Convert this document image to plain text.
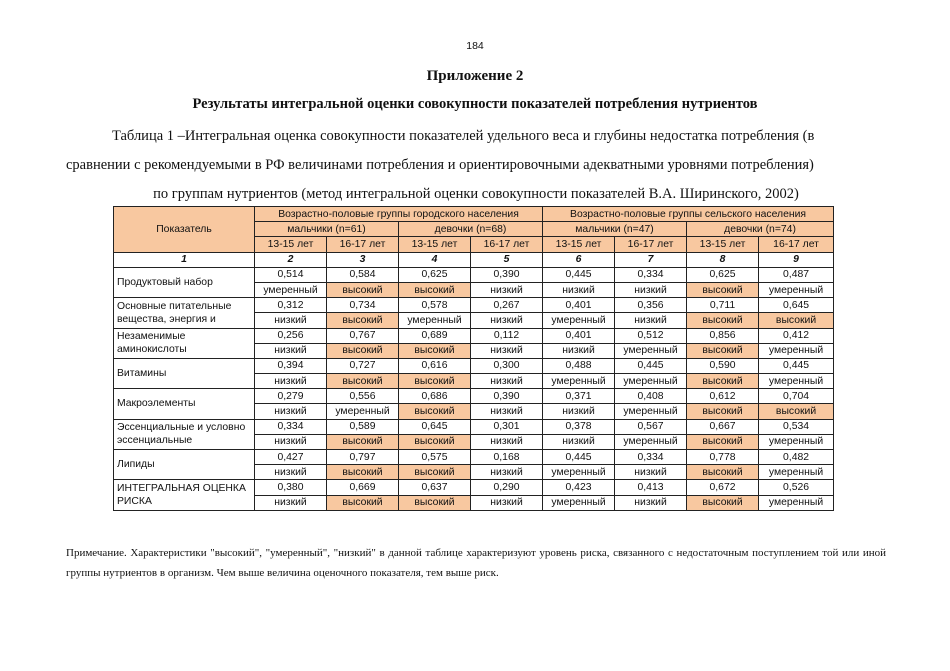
184
Приложение 2
Результаты интегральной оценки совокупности показателей потребления нутриентов
Таблица 1 –Интегральная оценка совокупности показателей удельного веса и глубины недостатка потребления (в
сравнении с рекомендуемыми в РФ величинами потребления и ориентировочными адекватными уровнями потребления)
по группам нутриентов (метод интегральной оценки совокупности показателей В.А. Ширинского, 2002)
Показатель	Возрастно-половые группы городского населения				Возрастно-половые группы сельского населения			
	мальчики (n=61)		девочки (n=68)		мальчики (n=47)		девочки (n=74)	
	13-15 лет	16-17 лет	13-15 лет	16-17 лет	13-15 лет	16-17 лет	13-15 лет	16-17 лет
1	2	3	4	5	6	7	8	9
Продуктовый набор	0,514	0,584	0,625	0,390	0,445	0,334	0,625	0,487
	умеренный	высокий	высокий	низкий	низкий	низкий	высокий	умеренный
Основные питательные вещества, энергия и	0,312	0,734	0,578	0,267	0,401	0,356	0,711	0,645
	низкий	высокий	умеренный	низкий	умеренный	низкий	высокий	высокий
Незаменимые аминокислоты	0,256	0,767	0,689	0,112	0,401	0,512	0,856	0,412
	низкий	высокий	высокий	низкий	низкий	умеренный	высокий	умеренный
Витамины	0,394	0,727	0,616	0,300	0,488	0,445	0,590	0,445
	низкий	высокий	высокий	низкий	умеренный	умеренный	высокий	умеренный
Макроэлементы	0,279	0,556	0,686	0,390	0,371	0,408	0,612	0,704
	низкий	умеренный	высокий	низкий	низкий	умеренный	высокий	высокий
Эссенциальные и условно эссенциальные	0,334	0,589	0,645	0,301	0,378	0,567	0,667	0,534
	низкий	высокий	высокий	низкий	низкий	умеренный	высокий	умеренный
Липиды	0,427	0,797	0,575	0,168	0,445	0,334	0,778	0,482
	низкий	высокий	высокий	низкий	умеренный	низкий	высокий	умеренный
ИНТЕГРАЛЬНАЯ ОЦЕНКА РИСКА	0,380	0,669	0,637	0,290	0,423	0,413	0,672	0,526
	низкий	высокий	высокий	низкий	умеренный	низкий	высокий	умеренный
Примечание. Характеристики "высокий", "умеренный", "низкий" в данной таблице характеризуют уровень риска, связанного с недостаточным поступлением той или иной группы нутриентов в организм. Чем выше величина оценочного показателя, тем выше риск.
